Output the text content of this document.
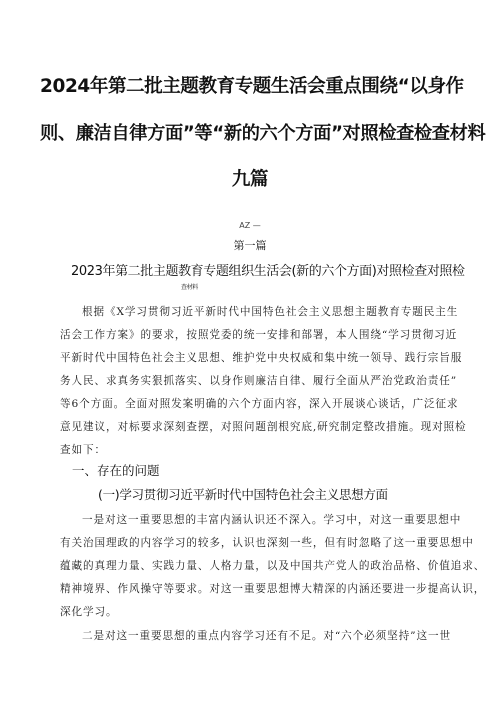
2024年第二批主题教育专题生活会重点围绕“以身作
则、廉洁自律方面”等“新的六个方面”对照检查检查材料
九篇
AZ —
第一篇
2023年第二批主题教育专题组织生活会(新的六个方面)对照检查对照检
查材料
根据《X学习贯彻习近平新时代中国特色社会主义思想主题教育专题民主生
活会工作方案》的要求，按照党委的统一安排和部署，本人围绕“学习贯彻习近
平新时代中国特色社会主义思想、维护党中央权威和集中统一领导、践行宗旨服
务人民、求真务实狠抓落实、以身作则廉洁自律、履行全面从严治党政治责任”
等6个方面。全面对照发案明确的六个方面内容，深入开展谈心谈话，广泛征求
意见建议，对标要求深刻查摆，对照问题剖根究底,研究制定整改措施。现对照检
查如下：
一、存在的问题
(一)学习贯彻习近平新时代中国特色社会主义思想方面
一是对这一重要思想的丰富内涵认识还不深入。学习中，对这一重要思想中
有关治国理政的内容学习的较多，认识也深刻一些，但有时忽略了这一重要思想中
蕴藏的真理力量、实践力量、人格力量，以及中国共产党人的政治品格、价值追求、
精神境界、作风操守等要求。对这一重要思想博大精深的内涵还要进一步提高认识，
深化学习。
二是对这一重要思想的重点内容学习还有不足。对“六个必须坚持”这一世
